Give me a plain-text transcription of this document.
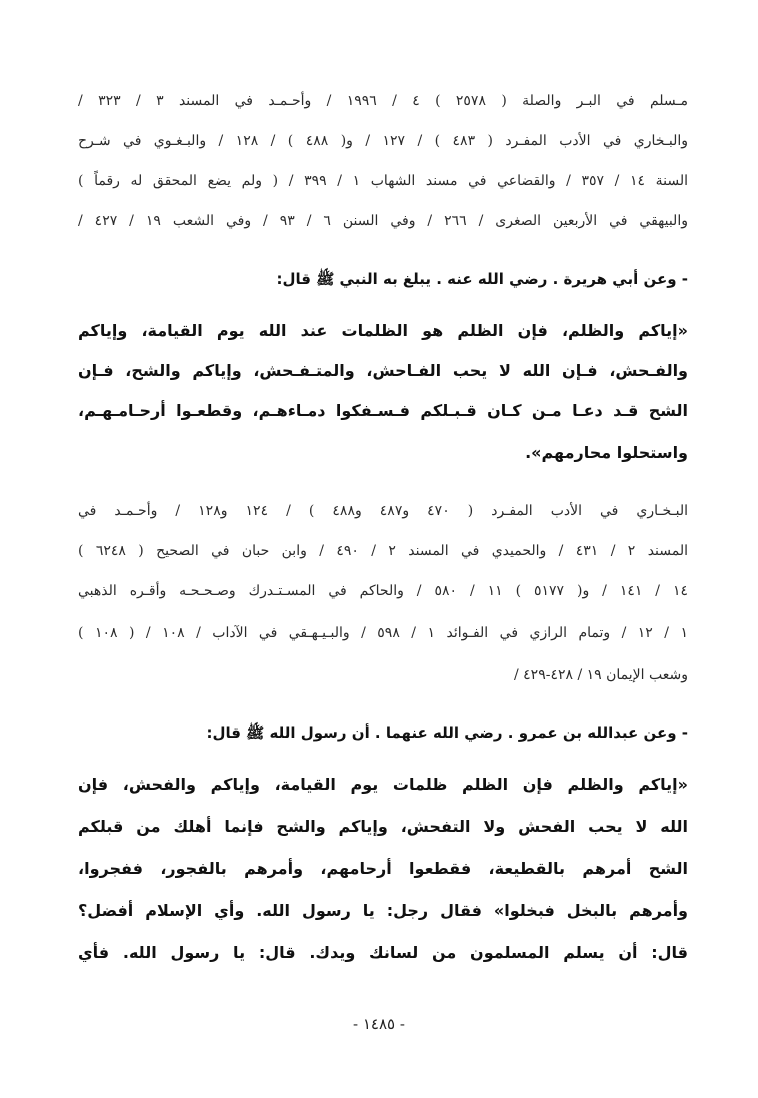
مـسلم في البـر والصلة ( ٢٥٧٨ ) ٤ / ١٩٩٦ / وأحـمـد في المسند ٣ / ٣٢٣ /
والبـخاري في الأدب المفـرد ( ٤٨٣ ) / ١٢٧ / و( ٤٨٨ ) / ١٢٨ / والبـغـوي في شـرح
السنة ١٤ / ٣٥٧ / والقضاعي في مسند الشهاب ١ / ٣٩٩ / ( ولم يضع المحقق له رقماً )
والبيهقي في الأربعين الصغرى / ٢٦٦ / وفي السنن ٦ / ٩٣ / وفي الشعب ١٩ / ٤٢٧ /
- وعن أبي هريرة . رضي الله عنه . يبلغ به النبي ﷺ قال:
«إياكم والظلم، فإن الظلم هو الظلمات عند الله يوم القيامة، وإياكم
والفـحش، فـإن الله لا يحب الفـاحش، والمتـفـحش، وإياكم والشح، فـإن
الشح قـد دعـا مـن كـان قـبـلكم فـسـفكوا دمـاءهـم، وقطعـوا أرحـامـهـم،
واستحلوا محارمهم».
البـخـاري في الأدب المفـرد ( ٤٧٠ و٤٨٧ و٤٨٨ ) / ١٢٤ و١٢٨ / وأحـمـد في
المسند ٢ / ٤٣١ / والحميدي في المسند ٢ / ٤٩٠ / وابن حبان في الصحيح ( ٦٢٤٨ )
١٤ / ١٤١ / و( ٥١٧٧ ) ١١ / ٥٨٠ / والحاكم في المسـتـدرك وصـحـحـه وأقـره الذهبي
١ / ١٢ / وتمام الرازي في الفـوائد ١ / ٥٩٨ / والبـيـهـقي في الآداب / ١٠٨ / ( ١٠٨ )
وشعب الإيمان ١٩ / ٤٢٨-٤٢٩ /
- وعن عبدالله بن عمرو . رضي الله عنهما . أن رسول الله ﷺ قال:
«إياكم والظلم فإن الظلم ظلمات يوم القيامة، وإياكم والفحش، فإن
الله لا يحب الفحش ولا التفحش، وإياكم والشح فإنما أهلك من قبلكم
الشح أمرهم بالقطيعة، فقطعوا أرحامهم، وأمرهم بالفجور، ففجروا،
وأمرهم بالبخل فبخلوا» فقال رجل: يا رسول الله. وأي الإسلام أفضل؟
قال: أن يسلم المسلمون من لسانك ويدك. قال: يا رسول الله. فأي
- ١٤٨٥ -
